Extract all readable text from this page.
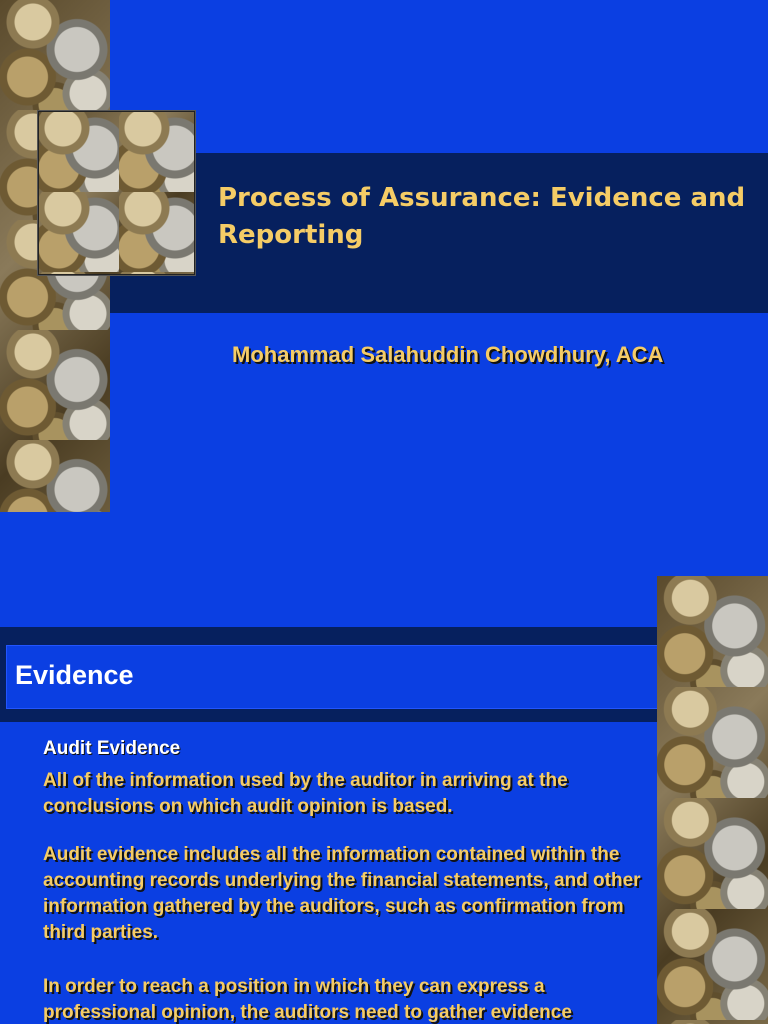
Process of Assurance: Evidence and Reporting

Mohammad Salahuddin Chowdhury, ACA

Evidence

Audit Evidence

All of the information used by the auditor in arriving at the conclusions on which audit opinion is based.

Audit evidence includes all the information contained within the accounting records underlying the financial statements, and other information gathered by the auditors, such as confirmation from third parties.

In order to reach a position in which they can express a professional opinion, the auditors need to gather evidence
